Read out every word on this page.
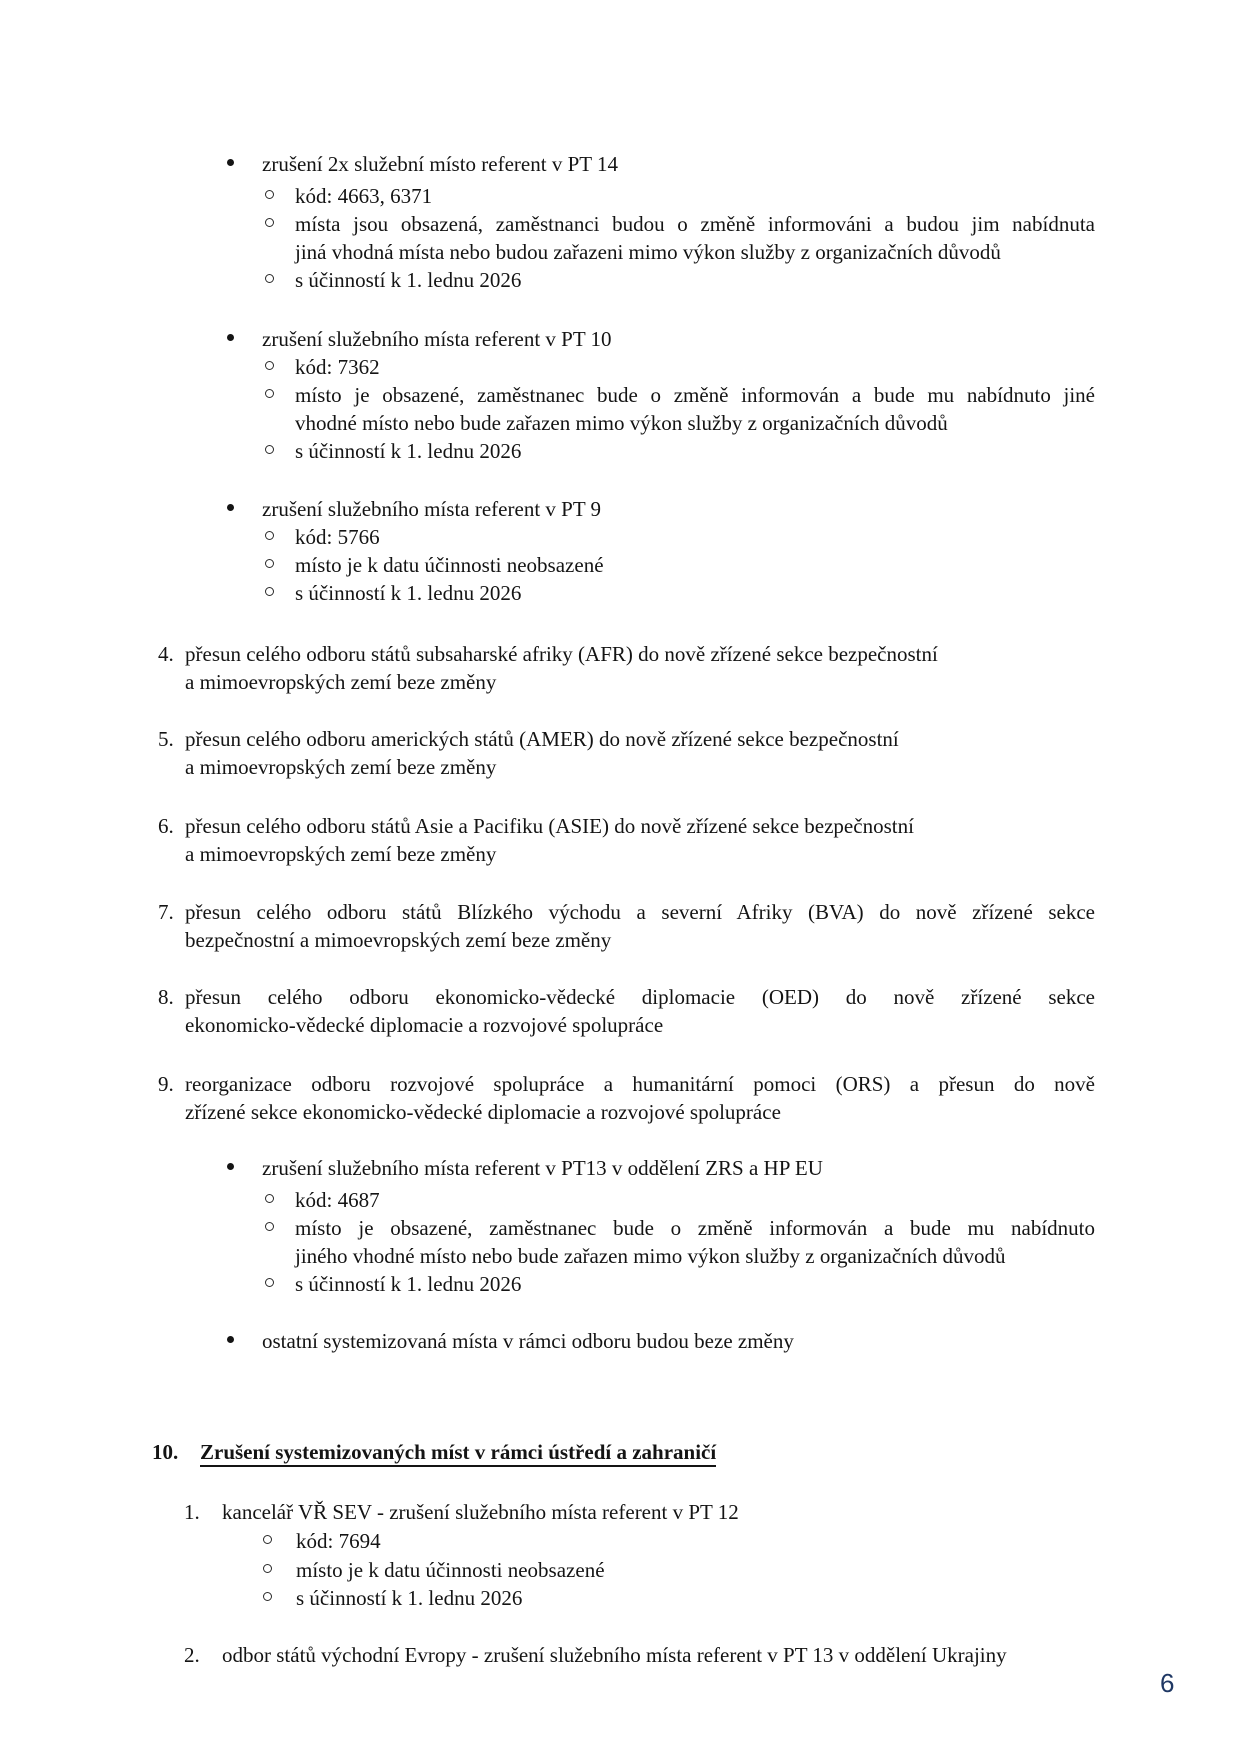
zrušení 2x služební místo referent v PT 14
kód: 4663, 6371
místa jsou obsazená, zaměstnanci budou o změně informováni a budou jim nabídnuta
jiná vhodná místa nebo budou zařazeni mimo výkon služby z organizačních důvodů
s účinností k 1. lednu 2026
zrušení služebního místa referent v PT 10
kód: 7362
místo je obsazené, zaměstnanec bude o změně informován a bude mu nabídnuto jiné
vhodné místo nebo bude zařazen mimo výkon služby z organizačních důvodů
s účinností k 1. lednu 2026
zrušení služebního místa referent v PT 9
kód: 5766
místo je k datu účinnosti neobsazené
s účinností k 1. lednu 2026
4. přesun celého odboru států subsaharské afriky (AFR) do nově zřízené sekce bezpečnostní
a mimoevropských zemí beze změny
5. přesun celého odboru amerických států (AMER) do nově zřízené sekce bezpečnostní
a mimoevropských zemí beze změny
6. přesun celého odboru států Asie a Pacifiku (ASIE) do nově zřízené sekce bezpečnostní
a mimoevropských zemí beze změny
7. přesun celého odboru států Blízkého východu a severní Afriky (BVA) do nově zřízené sekce
bezpečnostní a mimoevropských zemí beze změny
8. přesun celého odboru ekonomicko-vědecké diplomacie (OED) do nově zřízené sekce
ekonomicko-vědecké diplomacie a rozvojové spolupráce
9. reorganizace odboru rozvojové spolupráce a humanitární pomoci (ORS) a přesun do nově
zřízené sekce ekonomicko-vědecké diplomacie a rozvojové spolupráce
zrušení služebního místa referent v PT13 v oddělení ZRS a HP EU
kód: 4687
místo je obsazené, zaměstnanec bude o změně informován a bude mu nabídnuto
jiného vhodné místo nebo bude zařazen mimo výkon služby z organizačních důvodů
s účinností k 1. lednu 2026
ostatní systemizovaná místa v rámci odboru budou beze změny
10. Zrušení systemizovaných míst v rámci ústředí a zahraničí
1. kancelář VŘ SEV - zrušení služebního místa referent v PT 12
kód: 7694
místo je k datu účinnosti neobsazené
s účinností k 1. lednu 2026
2. odbor států východní Evropy - zrušení služebního místa referent v PT 13 v oddělení Ukrajiny
6
